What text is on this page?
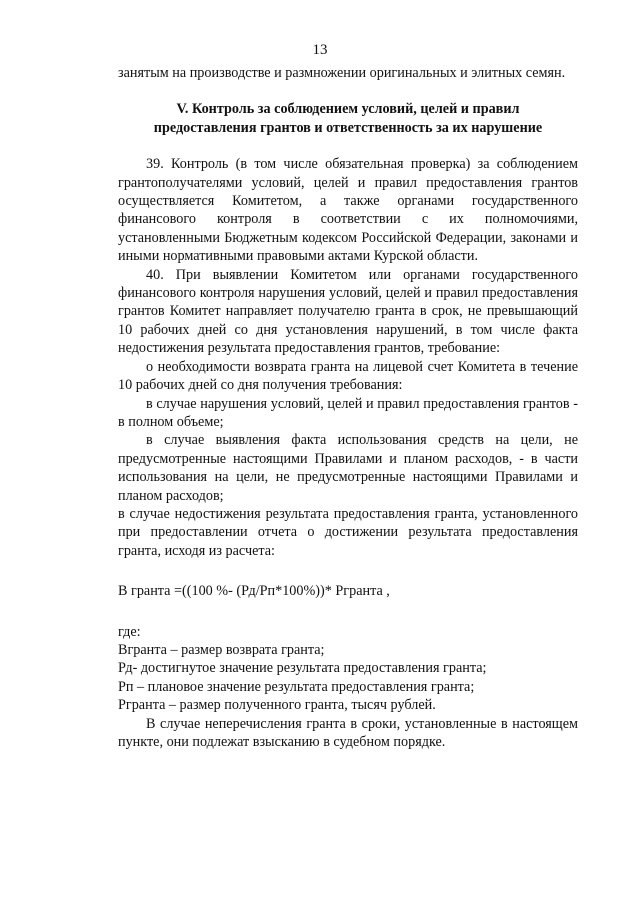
13

занятым на производстве и размножении оригинальных и элитных семян.

V. Контроль за соблюдением условий, целей и правил
предоставления грантов и ответственность за их нарушение

39. Контроль (в том числе обязательная проверка) за соблюдением грантополучателями условий, целей и правил предоставления грантов осуществляется Комитетом, а также органами государственного финансового контроля в соответствии с их полномочиями, установленными Бюджетным кодексом Российской Федерации, законами и иными нормативными правовыми актами Курской области.

40. При выявлении Комитетом или органами государственного финансового контроля нарушения условий, целей и правил предоставления грантов Комитет направляет получателю гранта в срок, не превышающий 10 рабочих дней со дня установления нарушений, в том числе факта недостижения результата предоставления грантов, требование:

о необходимости возврата гранта на лицевой счет Комитета в течение 10 рабочих дней со дня получения требования:

в случае нарушения условий, целей и правил предоставления грантов - в полном объеме;

в случае выявления факта использования средств на цели, не предусмотренные настоящими Правилами и планом расходов, - в части использования на цели, не предусмотренные настоящими Правилами и планом расходов;

в случае недостижения результата предоставления гранта, установленного при предоставлении отчета о достижении результата предоставления гранта, исходя из расчета:

В гранта =((100 %- (Рд/Рп*100%))* Ргранта ,

где:

Вгранта – размер возврата гранта;

Рд- достигнутое значение результата предоставления гранта;

Рп – плановое значение результата предоставления гранта;

Ргранта – размер полученного гранта, тысяч рублей.

В случае неперечисления гранта в сроки, установленные в настоящем пункте, они подлежат взысканию в судебном порядке.
